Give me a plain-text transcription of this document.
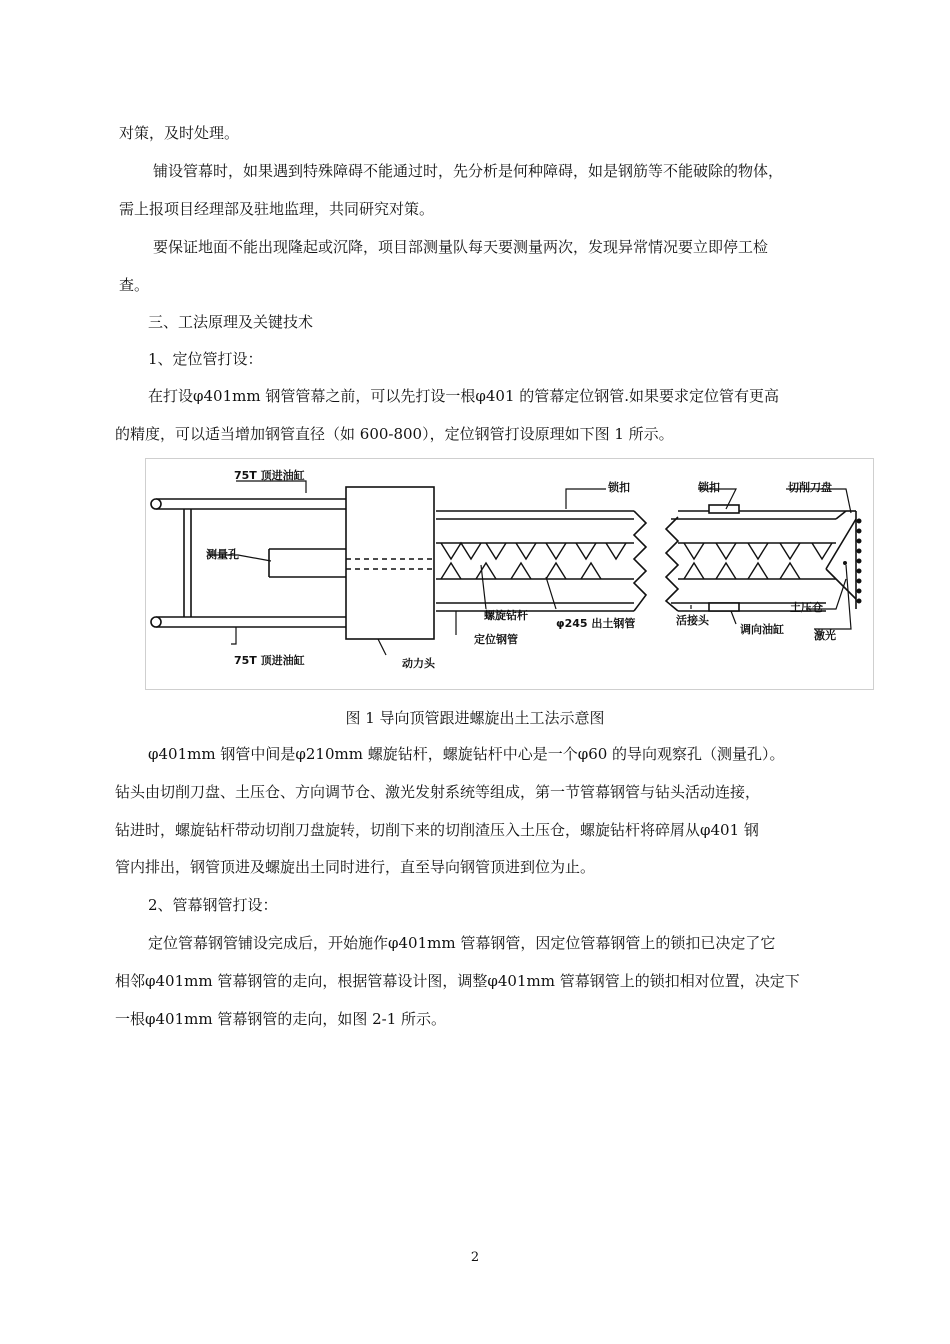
对策，及时处理。
铺设管幕时，如果遇到特殊障碍不能通过时，先分析是何种障碍，如是钢筋等不能破除的物体，
需上报项目经理部及驻地监理，共同研究对策。
要保证地面不能出现隆起或沉降，项目部测量队每天要测量两次，发现异常情况要立即停工检
查。
三、工法原理及关键技术
1、定位管打设：
在打设φ401mm 钢管管幕之前，可以先打设一根φ401 的管幕定位钢管.如果要求定位管有更高
的精度，可以适当增加钢管直径（如 600-800），定位钢管打设原理如下图 1 所示。
75T 顶进油缸
75T 顶进油缸
测量孔
动力头
锁扣	锁扣	切削刀盘
螺旋钻杆
φ245 出土钢管
定位钢管
活接头
调向油缸
土压仓
激光
图 1 导向顶管跟进螺旋出土工法示意图
φ401mm 钢管中间是φ210mm 螺旋钻杆，螺旋钻杆中心是一个φ60 的导向观察孔（测量孔）。
钻头由切削刀盘、土压仓、方向调节仓、激光发射系统等组成，第一节管幕钢管与钻头活动连接，
钻进时，螺旋钻杆带动切削刀盘旋转，切削下来的切削渣压入土压仓，螺旋钻杆将碎屑从φ401 钢
管内排出，钢管顶进及螺旋出土同时进行，直至导向钢管顶进到位为止。
2、管幕钢管打设：
定位管幕钢管铺设完成后，开始施作φ401mm 管幕钢管，因定位管幕钢管上的锁扣已决定了它
相邻φ401mm 管幕钢管的走向，根据管幕设计图，调整φ401mm 管幕钢管上的锁扣相对位置，决定下
一根φ401mm 管幕钢管的走向，如图 2-1 所示。
2
